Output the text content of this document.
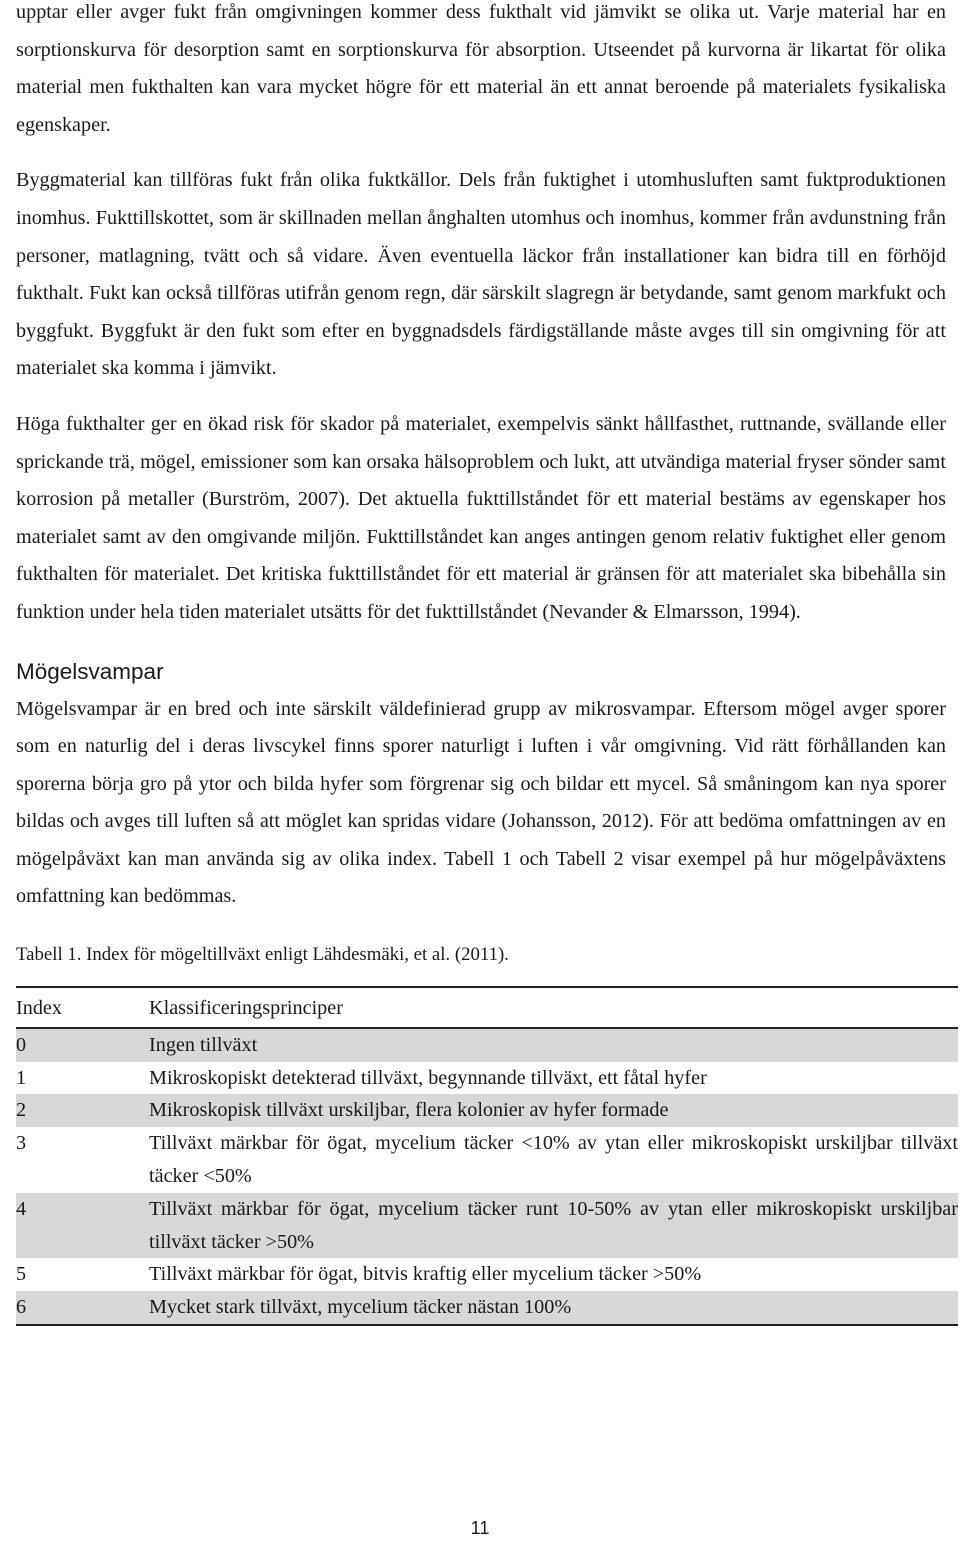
upptar eller avger fukt från omgivningen kommer dess fukthalt vid jämvikt se olika ut. Varje material har en sorptionskurva för desorption samt en sorptionskurva för absorption. Utseendet på kurvorna är likartat för olika material men fukthalten kan vara mycket högre för ett material än ett annat beroende på materialets fysikaliska egenskaper.

Byggmaterial kan tillföras fukt från olika fuktkällor. Dels från fuktighet i utomhusluften samt fuktproduktionen inomhus. Fukttillskottet, som är skillnaden mellan ånghalten utomhus och inomhus, kommer från avdunstning från personer, matlagning, tvätt och så vidare. Även eventuella läckor från installationer kan bidra till en förhöjd fukthalt. Fukt kan också tillföras utifrån genom regn, där särskilt slagregn är betydande, samt genom markfukt och byggfukt. Byggfukt är den fukt som efter en byggnadsdels färdigställande måste avges till sin omgivning för att materialet ska komma i jämvikt.

Höga fukthalter ger en ökad risk för skador på materialet, exempelvis sänkt hållfasthet, ruttnande, svällande eller sprickande trä, mögel, emissioner som kan orsaka hälsoproblem och lukt, att utvändiga material fryser sönder samt korrosion på metaller (Burström, 2007). Det aktuella fukttillståndet för ett material bestäms av egenskaper hos materialet samt av den omgivande miljön. Fukttillståndet kan anges antingen genom relativ fuktighet eller genom fukthalten för materialet. Det kritiska fukttillståndet för ett material är gränsen för att materialet ska bibehålla sin funktion under hela tiden materialet utsätts för det fukttillståndet (Nevander & Elmarsson, 1994).

Mögelsvampar

Mögelsvampar är en bred och inte särskilt väldefinierad grupp av mikrosvampar. Eftersom mögel avger sporer som en naturlig del i deras livscykel finns sporer naturligt i luften i vår omgivning. Vid rätt förhållanden kan sporerna börja gro på ytor och bilda hyfer som förgrenar sig och bildar ett mycel. Så småningom kan nya sporer bildas och avges till luften så att möglet kan spridas vidare (Johansson, 2012). För att bedöma omfattningen av en mögelpåväxt kan man använda sig av olika index. Tabell 1 och Tabell 2 visar exempel på hur mögelpåväxtens omfattning kan bedömmas.

Tabell 1. Index för mögeltillväxt enligt Lähdesmäki, et al. (2011).

Index	Klassificeringsprinciper
0	Ingen tillväxt
1	Mikroskopiskt detekterad tillväxt, begynnande tillväxt, ett fåtal hyfer
2	Mikroskopisk tillväxt urskiljbar, flera kolonier av hyfer formade
3	Tillväxt märkbar för ögat, mycelium täcker <10% av ytan eller mikroskopiskt urskiljbar tillväxt täcker <50%
4	Tillväxt märkbar för ögat, mycelium täcker runt 10-50% av ytan eller mikroskopiskt urskiljbar tillväxt täcker >50%
5	Tillväxt märkbar för ögat, bitvis kraftig eller mycelium täcker >50%
6	Mycket stark tillväxt, mycelium täcker nästan 100%
11
